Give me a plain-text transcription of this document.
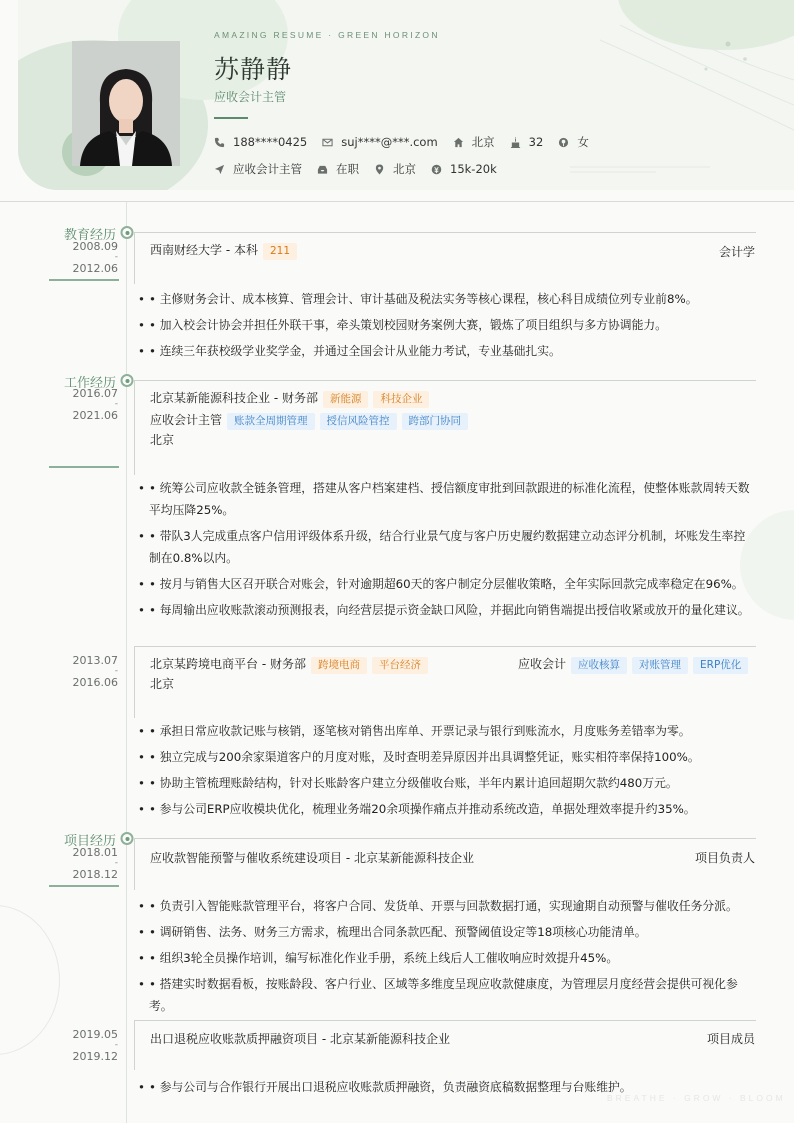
AMAZING RESUME · GREEN HORIZON
苏静静
应收会计主管
188****0425	suj****@***.com	北京	32	女
应收会计主管	在职	北京	15k-20k
教育经历
2008.09
-
2012.06
西南财经大学 - 本科 211	会计学
• • 主修财务会计、成本核算、管理会计、审计基础及税法实务等核心课程，核心科目成绩位列专业前8%。
• • 加入校会计协会并担任外联干事，牵头策划校园财务案例大赛，锻炼了项目组织与多方协调能力。
• • 连续三年获校级学业奖学金，并通过全国会计从业能力考试，专业基础扎实。
工作经历
2016.07
-
2021.06
北京某新能源科技企业 - 财务部 新能源 科技企业
应收会计主管 账款全周期管理 授信风险管控 跨部门协同
北京
• • 统筹公司应收款全链条管理，搭建从客户档案建档、授信额度审批到回款跟进的标准化流程，使整体账款周转天数平均压降25%。
• • 带队3人完成重点客户信用评级体系升级，结合行业景气度与客户历史履约数据建立动态评分机制，坏账发生率控制在0.8%以内。
• • 按月与销售大区召开联合对账会，针对逾期超60天的客户制定分层催收策略，全年实际回款完成率稳定在96%。
• • 每周输出应收账款滚动预测报表，向经营层提示资金缺口风险，并据此向销售端提出授信收紧或放开的量化建议。
2013.07
-
2016.06
北京某跨境电商平台 - 财务部 跨境电商 平台经济	应收会计 应收核算 对账管理 ERP优化
北京
• • 承担日常应收款记账与核销，逐笔核对销售出库单、开票记录与银行到账流水，月度账务差错率为零。
• • 独立完成与200余家渠道客户的月度对账，及时查明差异原因并出具调整凭证，账实相符率保持100%。
• • 协助主管梳理账龄结构，针对长账龄客户建立分级催收台账，半年内累计追回超期欠款约480万元。
• • 参与公司ERP应收模块优化，梳理业务端20余项操作痛点并推动系统改造，单据处理效率提升约35%。
项目经历
2018.01
-
2018.12
应收款智能预警与催收系统建设项目 - 北京某新能源科技企业	项目负责人
• • 负责引入智能账款管理平台，将客户合同、发货单、开票与回款数据打通，实现逾期自动预警与催收任务分派。
• • 调研销售、法务、财务三方需求，梳理出合同条款匹配、预警阈值设定等18项核心功能清单。
• • 组织3轮全员操作培训，编写标准化作业手册，系统上线后人工催收响应时效提升45%。
• • 搭建实时数据看板，按账龄段、客户行业、区域等多维度呈现应收款健康度，为管理层月度经营会提供可视化参考。
2019.05
-
2019.12
出口退税应收账款质押融资项目 - 北京某新能源科技企业	项目成员
• • 参与公司与合作银行开展出口退税应收账款质押融资，负责融资底稿数据整理与台账维护。
BREATHE · GROW · BLOOM
